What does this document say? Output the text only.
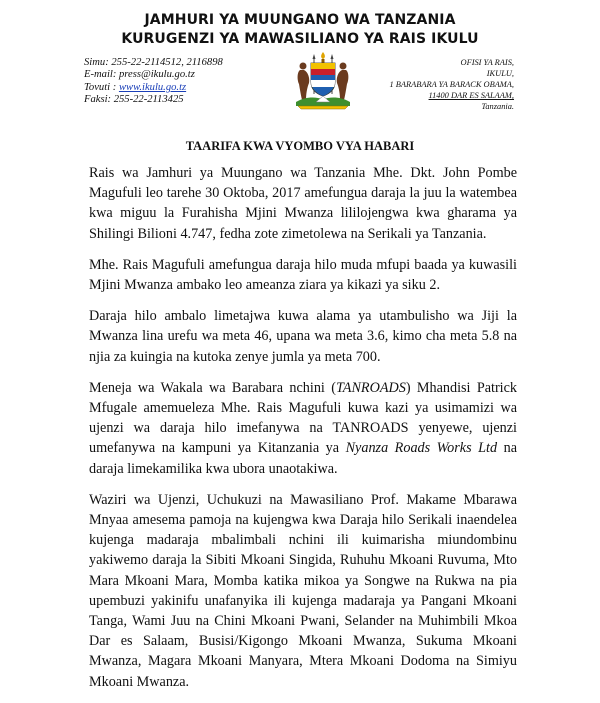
JAMHURI YA MUUNGANO WA TANZANIA
KURUGENZI YA MAWASILIANO YA RAIS IKULU
Simu: 255-22-2114512, 2116898
E-mail: press@ikulu.go.tz
Tovuti : www.ikulu.go.tz
Faksi: 255-22-2113425
OFISI YA RAIS,
IKULU,
1 BARABARA YA BARACK OBAMA,
11400 DAR ES SALAAM,
Tanzania.
TAARIFA KWA VYOMBO VYA HABARI

Rais wa Jamhuri ya Muungano wa Tanzania Mhe. Dkt. John Pombe Magufuli leo tarehe 30 Oktoba, 2017 amefungua daraja la juu la watembea kwa miguu la Furahisha Mjini Mwanza lililojengwa kwa gharama ya Shilingi Bilioni 4.747, fedha zote zimetolewa na Serikali ya Tanzania.

Mhe. Rais Magufuli amefungua daraja hilo muda mfupi baada ya kuwasili Mjini Mwanza ambako leo ameanza ziara ya kikazi ya siku 2.

Daraja hilo ambalo limetajwa kuwa alama ya utambulisho wa Jiji la Mwanza lina urefu wa meta 46, upana wa meta 3.6, kimo cha meta 5.8 na njia za kuingia na kutoka zenye jumla ya meta 700.

Meneja wa Wakala wa Barabara nchini (TANROADS) Mhandisi Patrick Mfugale amemueleza Mhe. Rais Magufuli kuwa kazi ya usimamizi wa ujenzi wa daraja hilo imefanywa na TANROADS yenyewe, ujenzi umefanywa na kampuni ya Kitanzania ya Nyanza Roads Works Ltd na daraja limekamilika kwa ubora unaotakiwa.

Waziri wa Ujenzi, Uchukuzi na Mawasiliano Prof. Makame Mbarawa Mnyaa amesema pamoja na kujengwa kwa Daraja hilo Serikali inaendelea kujenga madaraja mbalimbali nchini ili kuimarisha miundombinu yakiwemo daraja la Sibiti Mkoani Singida, Ruhuhu Mkoani Ruvuma, Mto Mara Mkoani Mara, Momba katika mikoa ya Songwe na Rukwa na pia upembuzi yakinifu unafanyika ili kujenga madaraja ya Pangani Mkoani Tanga, Wami Juu na Chini Mkoani Pwani, Selander na Muhimbili Mkoa Dar es Salaam, Busisi/Kigongo Mkoani Mwanza, Sukuma Mkoani Mwanza, Magara Mkoani Manyara, Mtera Mkoani Dodoma na Simiyu Mkoani Mwanza.
